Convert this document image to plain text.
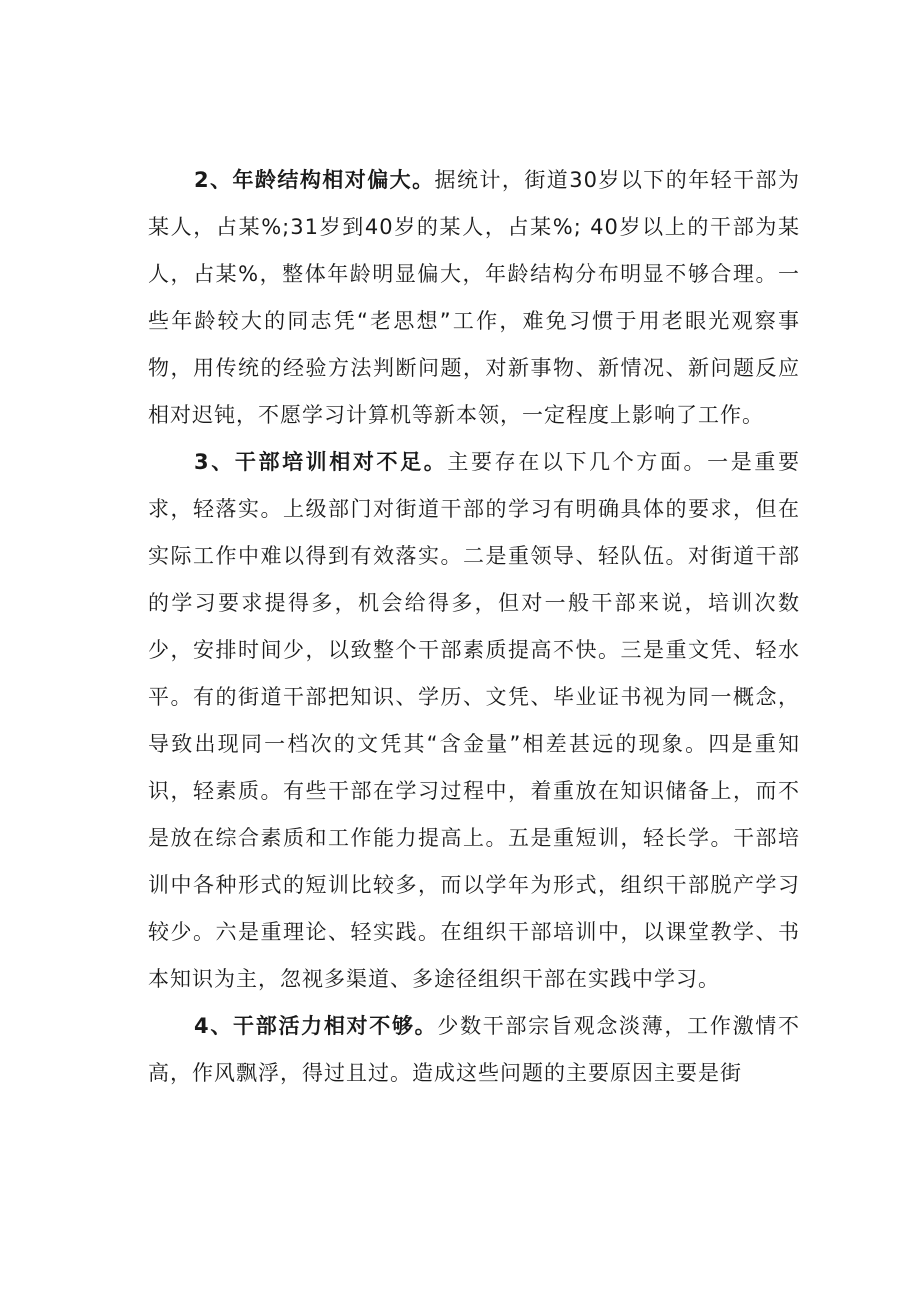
2、年龄结构相对偏大。据统计，街道30岁以下的年轻干部为某人，占某%;31岁到40岁的某人，占某%; 40岁以上的干部为某人，占某%，整体年龄明显偏大，年龄结构分布明显不够合理。一些年龄较大的同志凭“老思想”工作，难免习惯于用老眼光观察事物，用传统的经验方法判断问题，对新事物、新情况、新问题反应相对迟钝，不愿学习计算机等新本领，一定程度上影响了工作。

3、干部培训相对不足。主要存在以下几个方面。一是重要求，轻落实。上级部门对街道干部的学习有明确具体的要求，但在实际工作中难以得到有效落实。二是重领导、轻队伍。对街道干部的学习要求提得多，机会给得多，但对一般干部来说，培训次数少，安排时间少，以致整个干部素质提高不快。三是重文凭、轻水平。有的街道干部把知识、学历、文凭、毕业证书视为同一概念，导致出现同一档次的文凭其“含金量”相差甚远的现象。四是重知识，轻素质。有些干部在学习过程中，着重放在知识储备上，而不是放在综合素质和工作能力提高上。五是重短训，轻长学。干部培训中各种形式的短训比较多，而以学年为形式，组织干部脱产学习较少。六是重理论、轻实践。在组织干部培训中，以课堂教学、书本知识为主，忽视多渠道、多途径组织干部在实践中学习。

4、干部活力相对不够。少数干部宗旨观念淡薄，工作激情不高，作风飘浮，得过且过。造成这些问题的主要原因主要是街
